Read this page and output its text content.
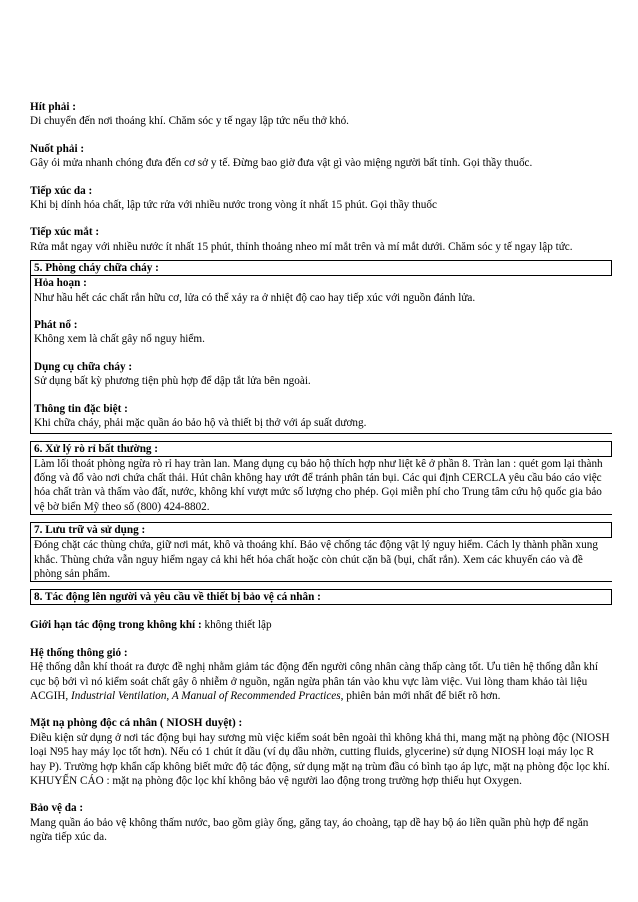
Hít phải :

Di chuyển đến nơi thoáng khí. Chăm sóc y tế ngay lập tức nếu thở khó.

Nuốt phải :

Gây ói mửa nhanh chóng đưa đến cơ sở y tế. Đừng bao giờ đưa vật gì vào miệng người bất tỉnh. Gọi thầy thuốc.

Tiếp xúc da :

Khi bị dính hóa chất, lập tức rửa với nhiều nước trong vòng ít nhất 15 phút. Gọi thầy thuốc

Tiếp xúc mắt :

Rửa mắt ngay với nhiều nước ít nhất 15 phút, thỉnh thoảng nheo mí mắt trên và mí mắt dưới. Chăm sóc y tế ngay lập tức.

5. Phòng cháy chữa cháy :
Hỏa hoạn :

Như hầu hết các chất rắn hữu cơ, lửa có thể xảy ra ở nhiệt độ cao hay tiếp xúc với nguồn đánh lửa.

Phát nổ :

Không xem là chất gây nổ nguy hiểm.

Dụng cụ chữa cháy :

Sử dụng bất kỳ phương tiện phù hợp để dập tắt lửa bên ngoài.

Thông tin đặc biệt :

Khi chữa cháy, phải mặc quần áo bảo hộ và thiết bị thở với áp suất dương.

6. Xử lý rò rỉ bất thường :

Làm lối thoát phòng ngừa rò rỉ hay tràn lan. Mang dụng cụ bảo hộ thích hợp như liệt kê ở phần 8. Tràn lan : quét gom lại thành đống và đổ vào nơi chứa chất thải. Hút chân không hay ướt để tránh phân tán bụi. Các qui định CERCLA yêu cầu báo cáo việc hóa chất tràn và thấm vào đất, nước, không khí vượt mức số lượng cho phép. Gọi miễn phí cho Trung tâm cứu hộ quốc gia bảo vệ bờ biển Mỹ theo số (800) 424-8802.

7. Lưu trữ và sử dụng :

Đóng chặt các thùng chứa, giữ nơi mát, khô và thoáng khí. Bảo vệ chống tác động vật lý nguy hiểm. Cách ly thành phần xung khắc. Thùng chứa vẫn nguy hiểm ngay cả khi hết hóa chất hoặc còn chút cặn bã (bụi, chất rắn). Xem các khuyến cáo và đề phòng sản phẩm.

8. Tác động lên người và yêu cầu về thiết bị bảo vệ cá nhân :
Giới hạn tác động trong không khí : không thiết lập
Hệ thống thông gió :

Hệ thống dẫn khí thoát ra được đề nghị nhằm giảm tác động đến người công nhân càng thấp càng tốt. Ưu tiên hệ thống dẫn khí cục bộ bởi vì nó kiểm soát chất gây ô nhiễm ở nguồn, ngăn ngừa phân tán vào khu vực làm việc. Vui lòng tham khảo tài liệu ACGIH, Industrial Ventilation, A Manual of Recommended Practices, phiên bản mới nhất để biết rõ hơn.

Mặt nạ phòng độc cá nhân ( NIOSH duyệt) :

Điều kiện sử dụng ở nơi tác động bụi hay sương mù việc kiểm soát bên ngoài thì không khả thi, mang mặt nạ phòng độc (NIOSH loại N95 hay máy lọc tốt hơn). Nếu có 1 chút ít dầu (ví dụ dầu nhờn, cutting fluids, glycerine) sử dụng NIOSH loại máy lọc R hay P). Trường hợp khẩn cấp không biết mức độ tác động, sử dụng mặt nạ trùm đầu có bình tạo áp lực, mặt nạ phòng độc lọc khí. KHUYẾN CÁO : mặt nạ phòng độc lọc khí không bảo vệ người lao động trong trường hợp thiếu hụt Oxygen.

Bảo vệ da :

Mang quần áo bảo vệ không thấm nước, bao gồm giày ống, găng tay, áo choàng, tạp dề hay bộ áo liền quần phù hợp để ngăn ngừa tiếp xúc da.
